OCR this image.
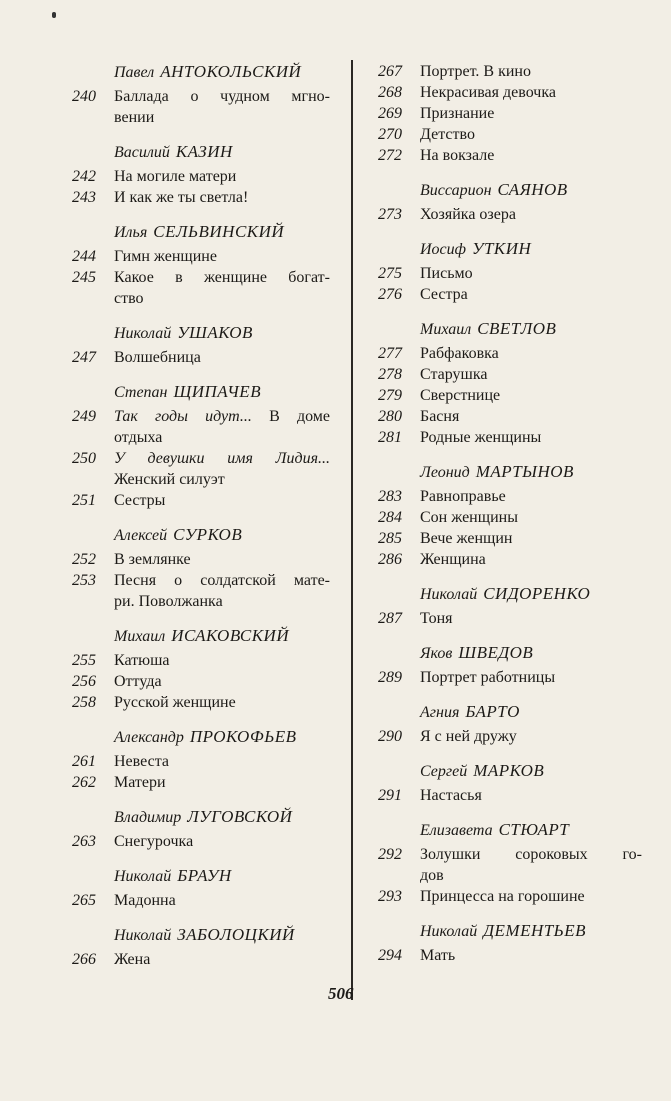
Павел АНТОКОЛЬСКИЙ
240	Баллада о чудном мгно-
вении
Василий КАЗИН
242	На могиле матери
243	И как же ты светла!
Илья СЕЛЬВИНСКИЙ
244	Гимн женщине
245	Какое в женщине богат-
ство
Николай УШАКОВ
247	Волшебница
Степан ЩИПАЧЕВ
249	Так годы идут... В доме
отдыха
250	У девушки имя Лидия...
Женский силуэт
251	Сестры
Алексей СУРКОВ
252	В землянке
253	Песня о солдатской мате-
ри. Поволжанка
Михаил ИСАКОВСКИЙ
255	Катюша
256	Оттуда
258	Русской женщине
Александр ПРОКОФЬЕВ
261	Невеста
262	Матери
Владимир ЛУГОВСКОЙ
263	Снегурочка
Николай БРАУН
265	Мадонна
Николай ЗАБОЛОЦКИЙ
266	Жена
267	Портрет. В кино
268	Некрасивая девочка
269	Признание
270	Детство
272	На вокзале
Виссарион САЯНОВ
273	Хозяйка озера
Иосиф УТКИН
275	Письмо
276	Сестра
Михаил СВЕТЛОВ
277	Рабфаковка
278	Старушка
279	Сверстнице
280	Басня
281	Родные женщины
Леонид МАРТЫНОВ
283	Равноправье
284	Сон женщины
285	Вече женщин
286	Женщина
Николай СИДОРЕНКО
287	Тоня
Яков ШВЕДОВ
289	Портрет работницы
Агния БАРТО
290	Я с ней дружу
Сергей МАРКОВ
291	Настасья
Елизавета СТЮАРТ
292	Золушки сороковых го-
дов
293	Принцесса на горошине
Николай ДЕМЕНТЬЕВ
294	Мать
506
